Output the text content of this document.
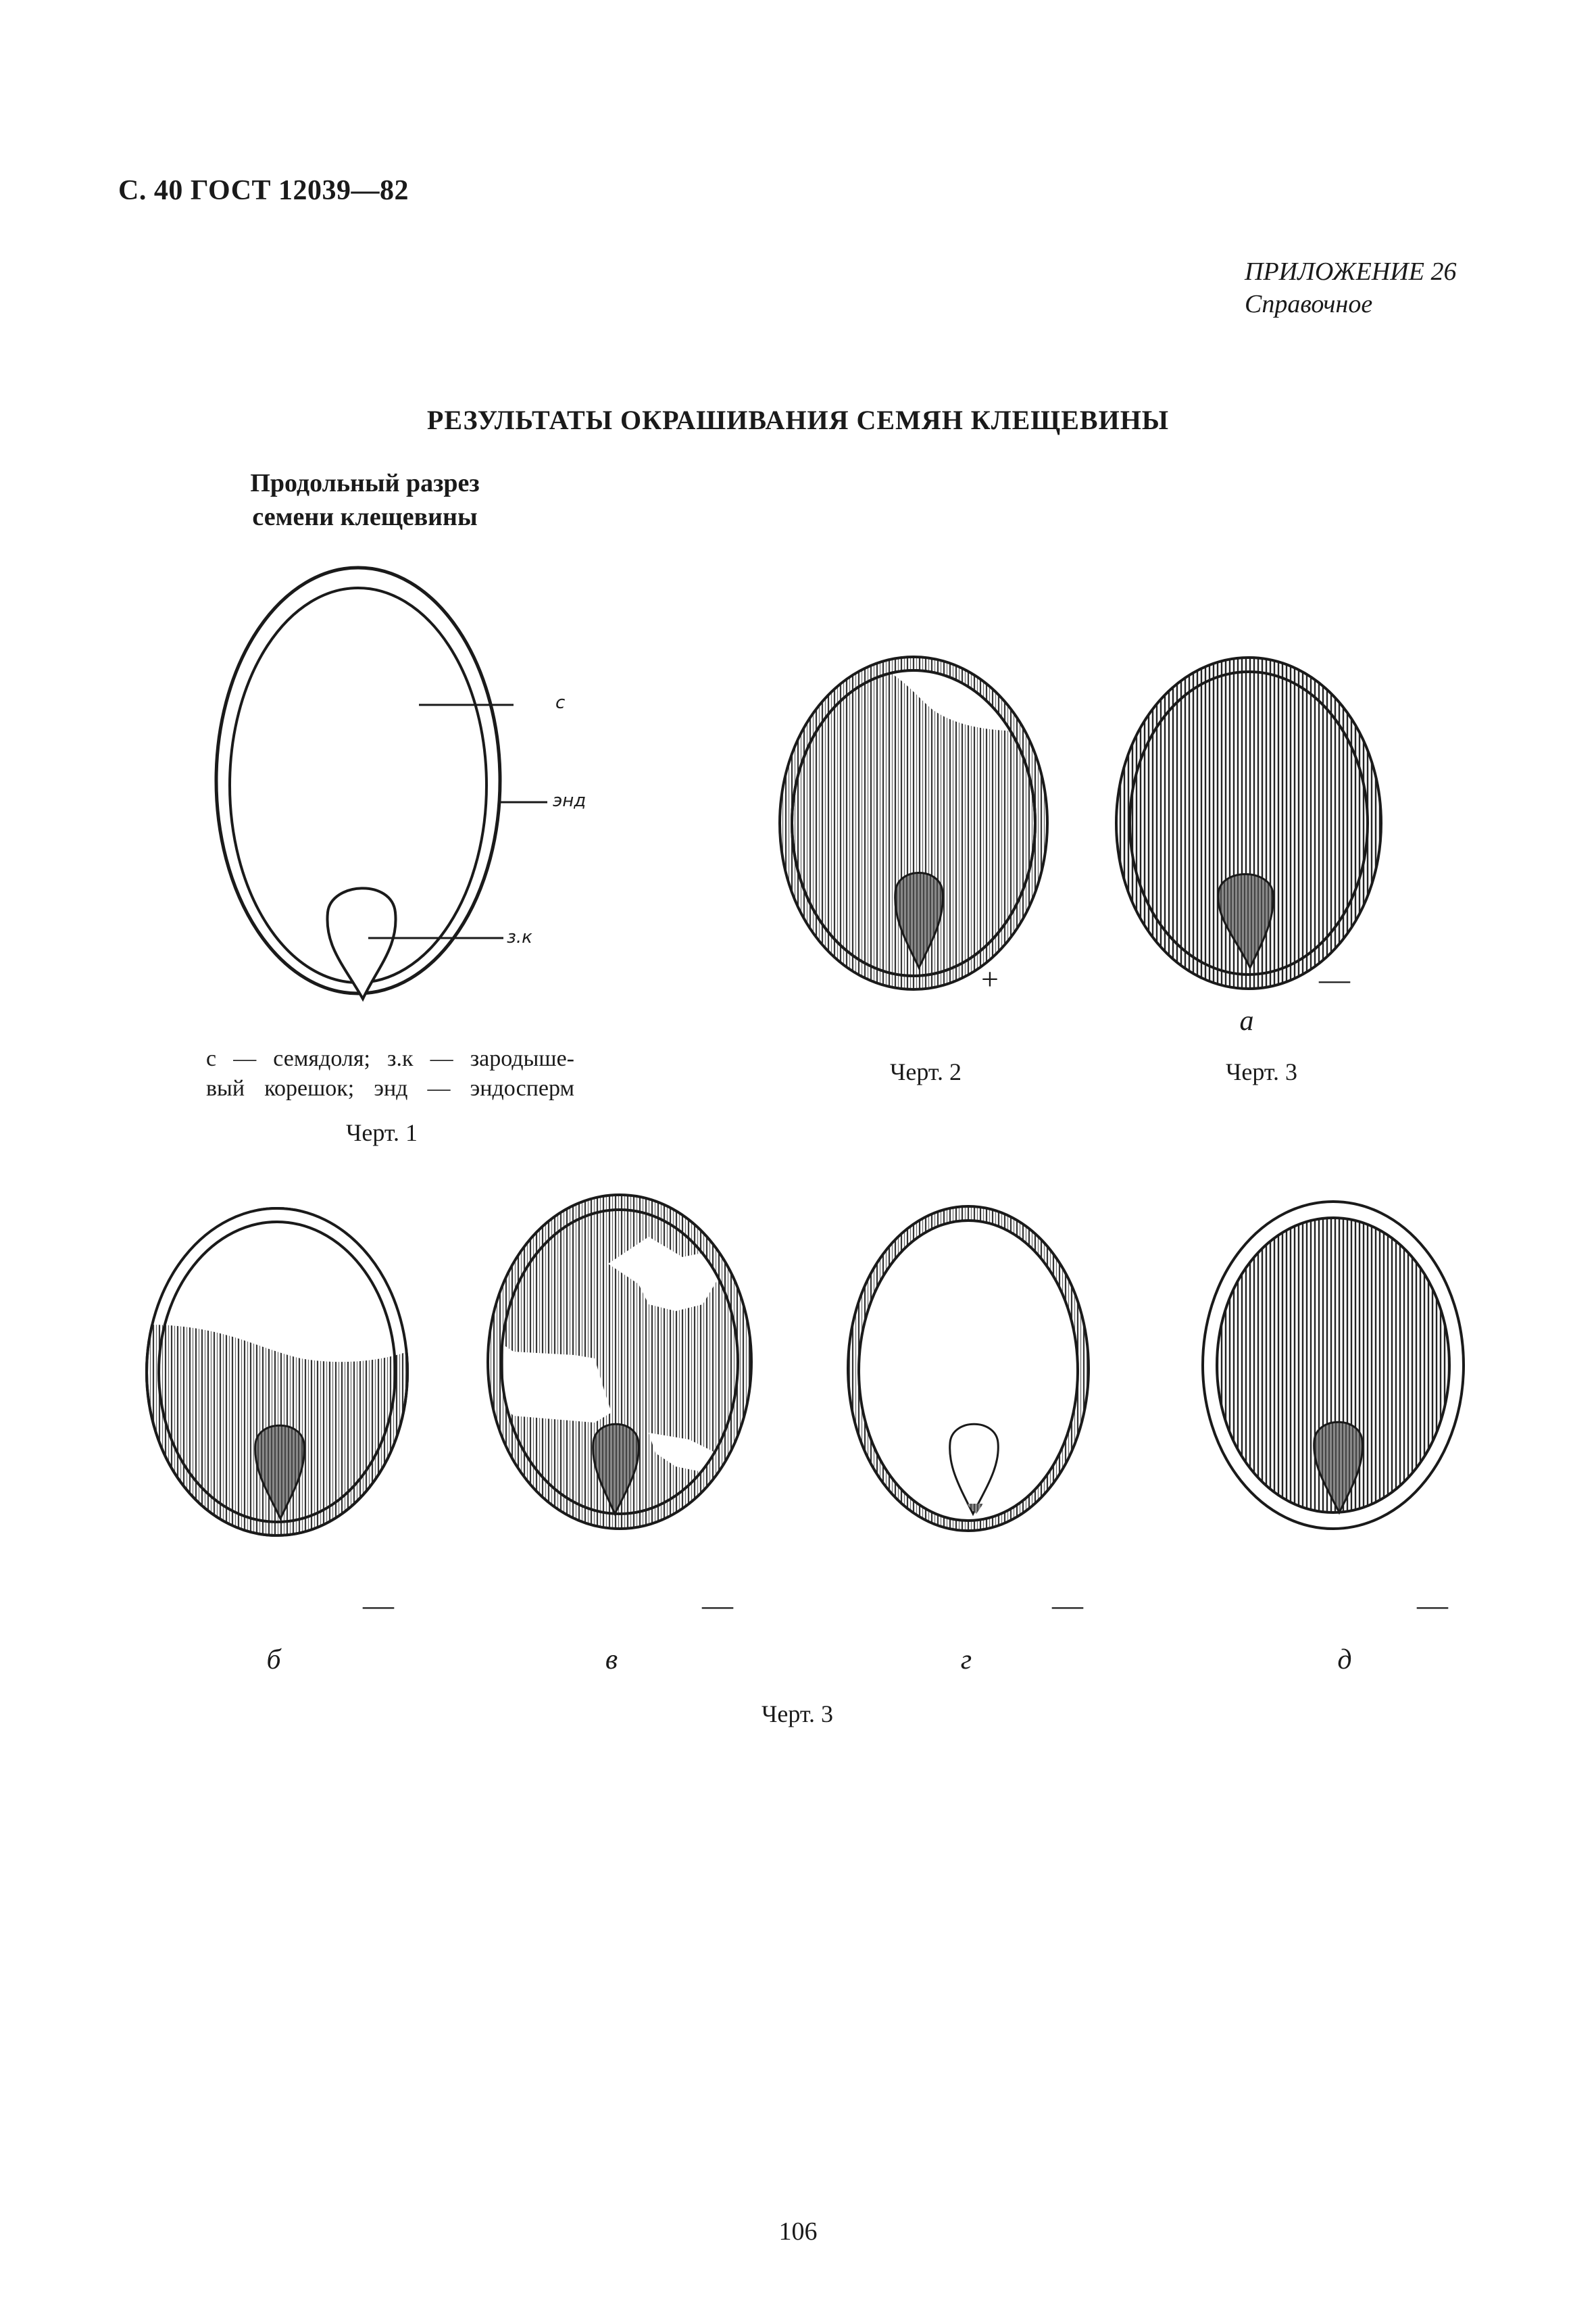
С. 40 ГОСТ 12039—82
ПРИЛОЖЕНИЕ 26
Справочное
РЕЗУЛЬТАТЫ ОКРАШИВАНИЯ СЕМЯН КЛЕЩЕВИНЫ
Продольный разрез
семени клещевины
с
энд
з.к
с — семядоля; з.к — зародыше-
вый корешок; энд — эндосперм
Черт. 1
+
Черт. 2
—
а
Черт. 3
—	—	—	—
б	в	г	д
Черт. 3
106
